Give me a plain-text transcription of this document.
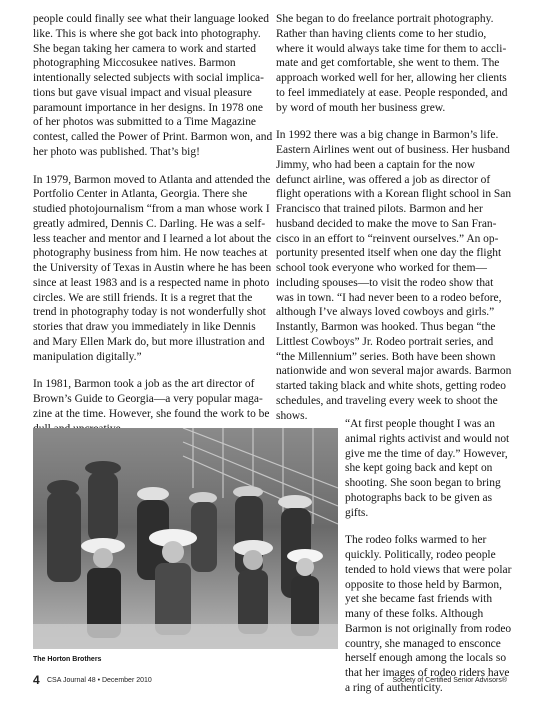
people could finally see what their language looked like. This is where she got back into photography. She began taking her camera to work and started photographing Miccosukee natives. Barmon intentionally selected subjects with social implications but gave visual impact and visual pleasure paramount importance in her designs. In 1978 one of her photos was submitted to a Time Magazine contest, called the Power of Print. Barmon won, and her photo was published. That’s big!

In 1979, Barmon moved to Atlanta and attended the Portfolio Center in Atlanta, Georgia. There she studied photojournalism “from a man whose work I greatly admired, Dennis C. Darling. He was a selfless teacher and mentor and I learned a lot about the photography business from him. He now teaches at the University of Texas in Austin where he has been since at least 1983 and is a respected name in photo circles. We are still friends. It is a regret that the trend in photography today is not wonderfully shot stories that draw you immediately in like Dennis and Mary Ellen Mark do, but more illustration and manipulation digitally.”

In 1981, Barmon took a job as the art director of Brown’s Guide to Georgia—a very popular magazine at the time. However, she found the work to be

She began to do freelance portrait photography. Rather than having clients come to her studio, where it would always take time for them to acclimate and get comfortable, she went to them. The approach worked well for her, allowing her clients to feel immediately at ease. People responded, and by word of mouth her business grew.

In 1992 there was a big change in Barmon’s life. Eastern Airlines went out of business. Her husband Jimmy, who had been a captain for the now defunct airline, was offered a job as director of flight operations with a Korean flight school in San Francisco that trained pilots. Barmon and her husband decided to make the move to San Francisco in an effort to “reinvent ourselves.” An opportunity presented itself when one day the flight school took everyone who worked for them—including spouses—to visit the rodeo show that was in town. “I had never been to a rodeo before, although I’ve always loved cowboys and girls.” Instantly, Barmon was hooked. Thus began “the Littlest Cowboys” Jr. Rodeo portrait series, and “the Millennium” series. Both have been shown nationwide and won several major awards. Barmon started taking black and white shots, getting rodeo schedules, and traveling every week to shoot the shows.

The Horton Brothers

“At first people thought I was an animal rights activist and would not give me the time of day.” However, she kept going back and kept on shooting. She soon began to bring photographs back to be given as gifts.

The rodeo folks warmed to her quickly. Politically, rodeo people tended to hold views that were polar opposite to those held by Barmon, yet she became fast friends with many of these folks. Although Barmon is not originally from rodeo country, she managed to ensconce herself enough among the locals so that her images of rodeo riders have a ring of authenticity.

4 CSA Journal 48 • December 2010	Society of Certified Senior Advisors®
